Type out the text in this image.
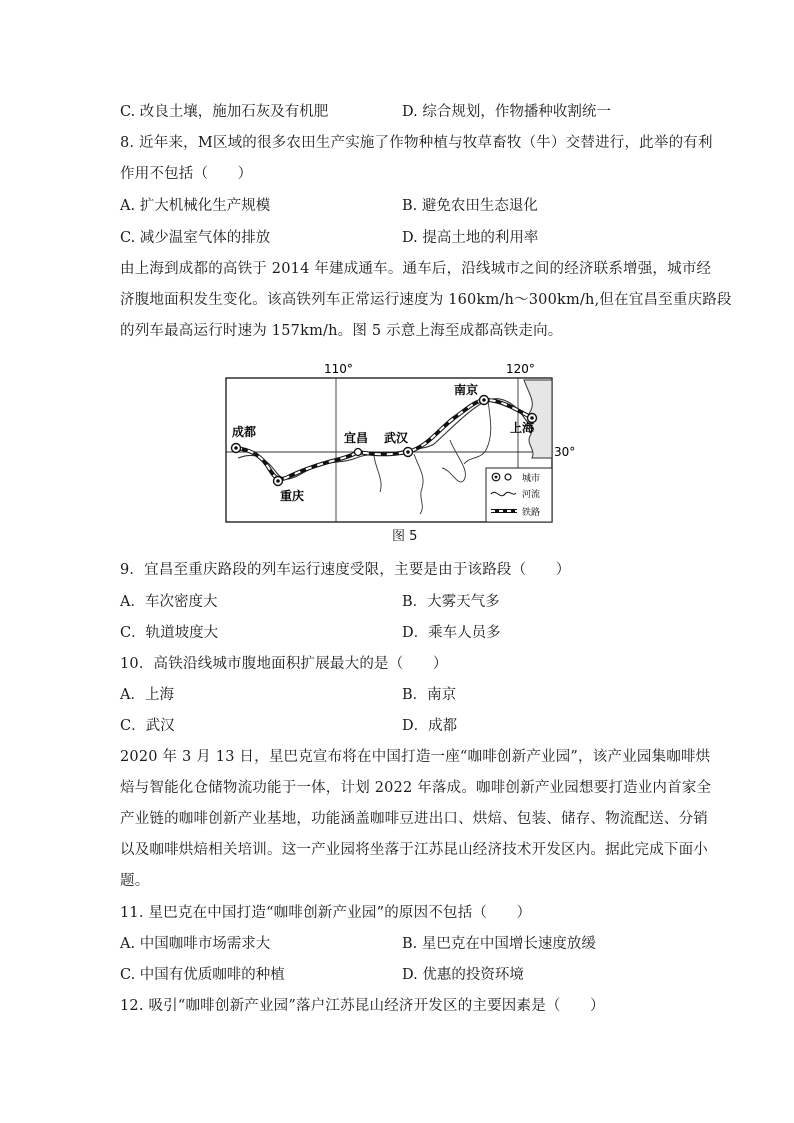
C. 改良土壤，施加石灰及有机肥	D. 综合规划，作物播种收割统一
8. 近年来，M区域的很多农田生产实施了作物种植与牧草畜牧（牛）交替进行，此举的有利
作用不包括（　　）
A. 扩大机械化生产规模	B. 避免农田生态退化
C. 减少温室气体的排放	D. 提高土地的利用率
由上海到成都的高铁于 2014 年建成通车。通车后，沿线城市之间的经济联系增强，城市经
济腹地面积发生变化。该高铁列车正常运行速度为 160km/h～300km/h,但在宜昌至重庆路段
的列车最高运行时速为 157km/h。图 5 示意上海至成都高铁走向。
成都
重庆
宜昌 武汉
南京
上海
110°	120°
30°
城市
河流
铁路
图 5
9．宜昌至重庆路段的列车运行速度受限，主要是由于该路段（　　）
A．车次密度大	B．大雾天气多
C．轨道坡度大	D．乘车人员多
10．高铁沿线城市腹地面积扩展最大的是（　　）
A．上海	B．南京
C．武汉	D．成都
2020 年 3 月 13 日，星巴克宣布将在中国打造一座“咖啡创新产业园”，该产业园集咖啡烘
焙与智能化仓储物流功能于一体，计划 2022 年落成。咖啡创新产业园想要打造业内首家全
产业链的咖啡创新产业基地，功能涵盖咖啡豆进出口、烘焙、包装、储存、物流配送、分销
以及咖啡烘焙相关培训。这一产业园将坐落于江苏昆山经济技术开发区内。据此完成下面小
题。
11. 星巴克在中国打造“咖啡创新产业园”的原因不包括（　　）
A. 中国咖啡市场需求大	B. 星巴克在中国增长速度放缓
C. 中国有优质咖啡的种植	D. 优惠的投资环境
12. 吸引“咖啡创新产业园”落户江苏昆山经济开发区的主要因素是（　　）
